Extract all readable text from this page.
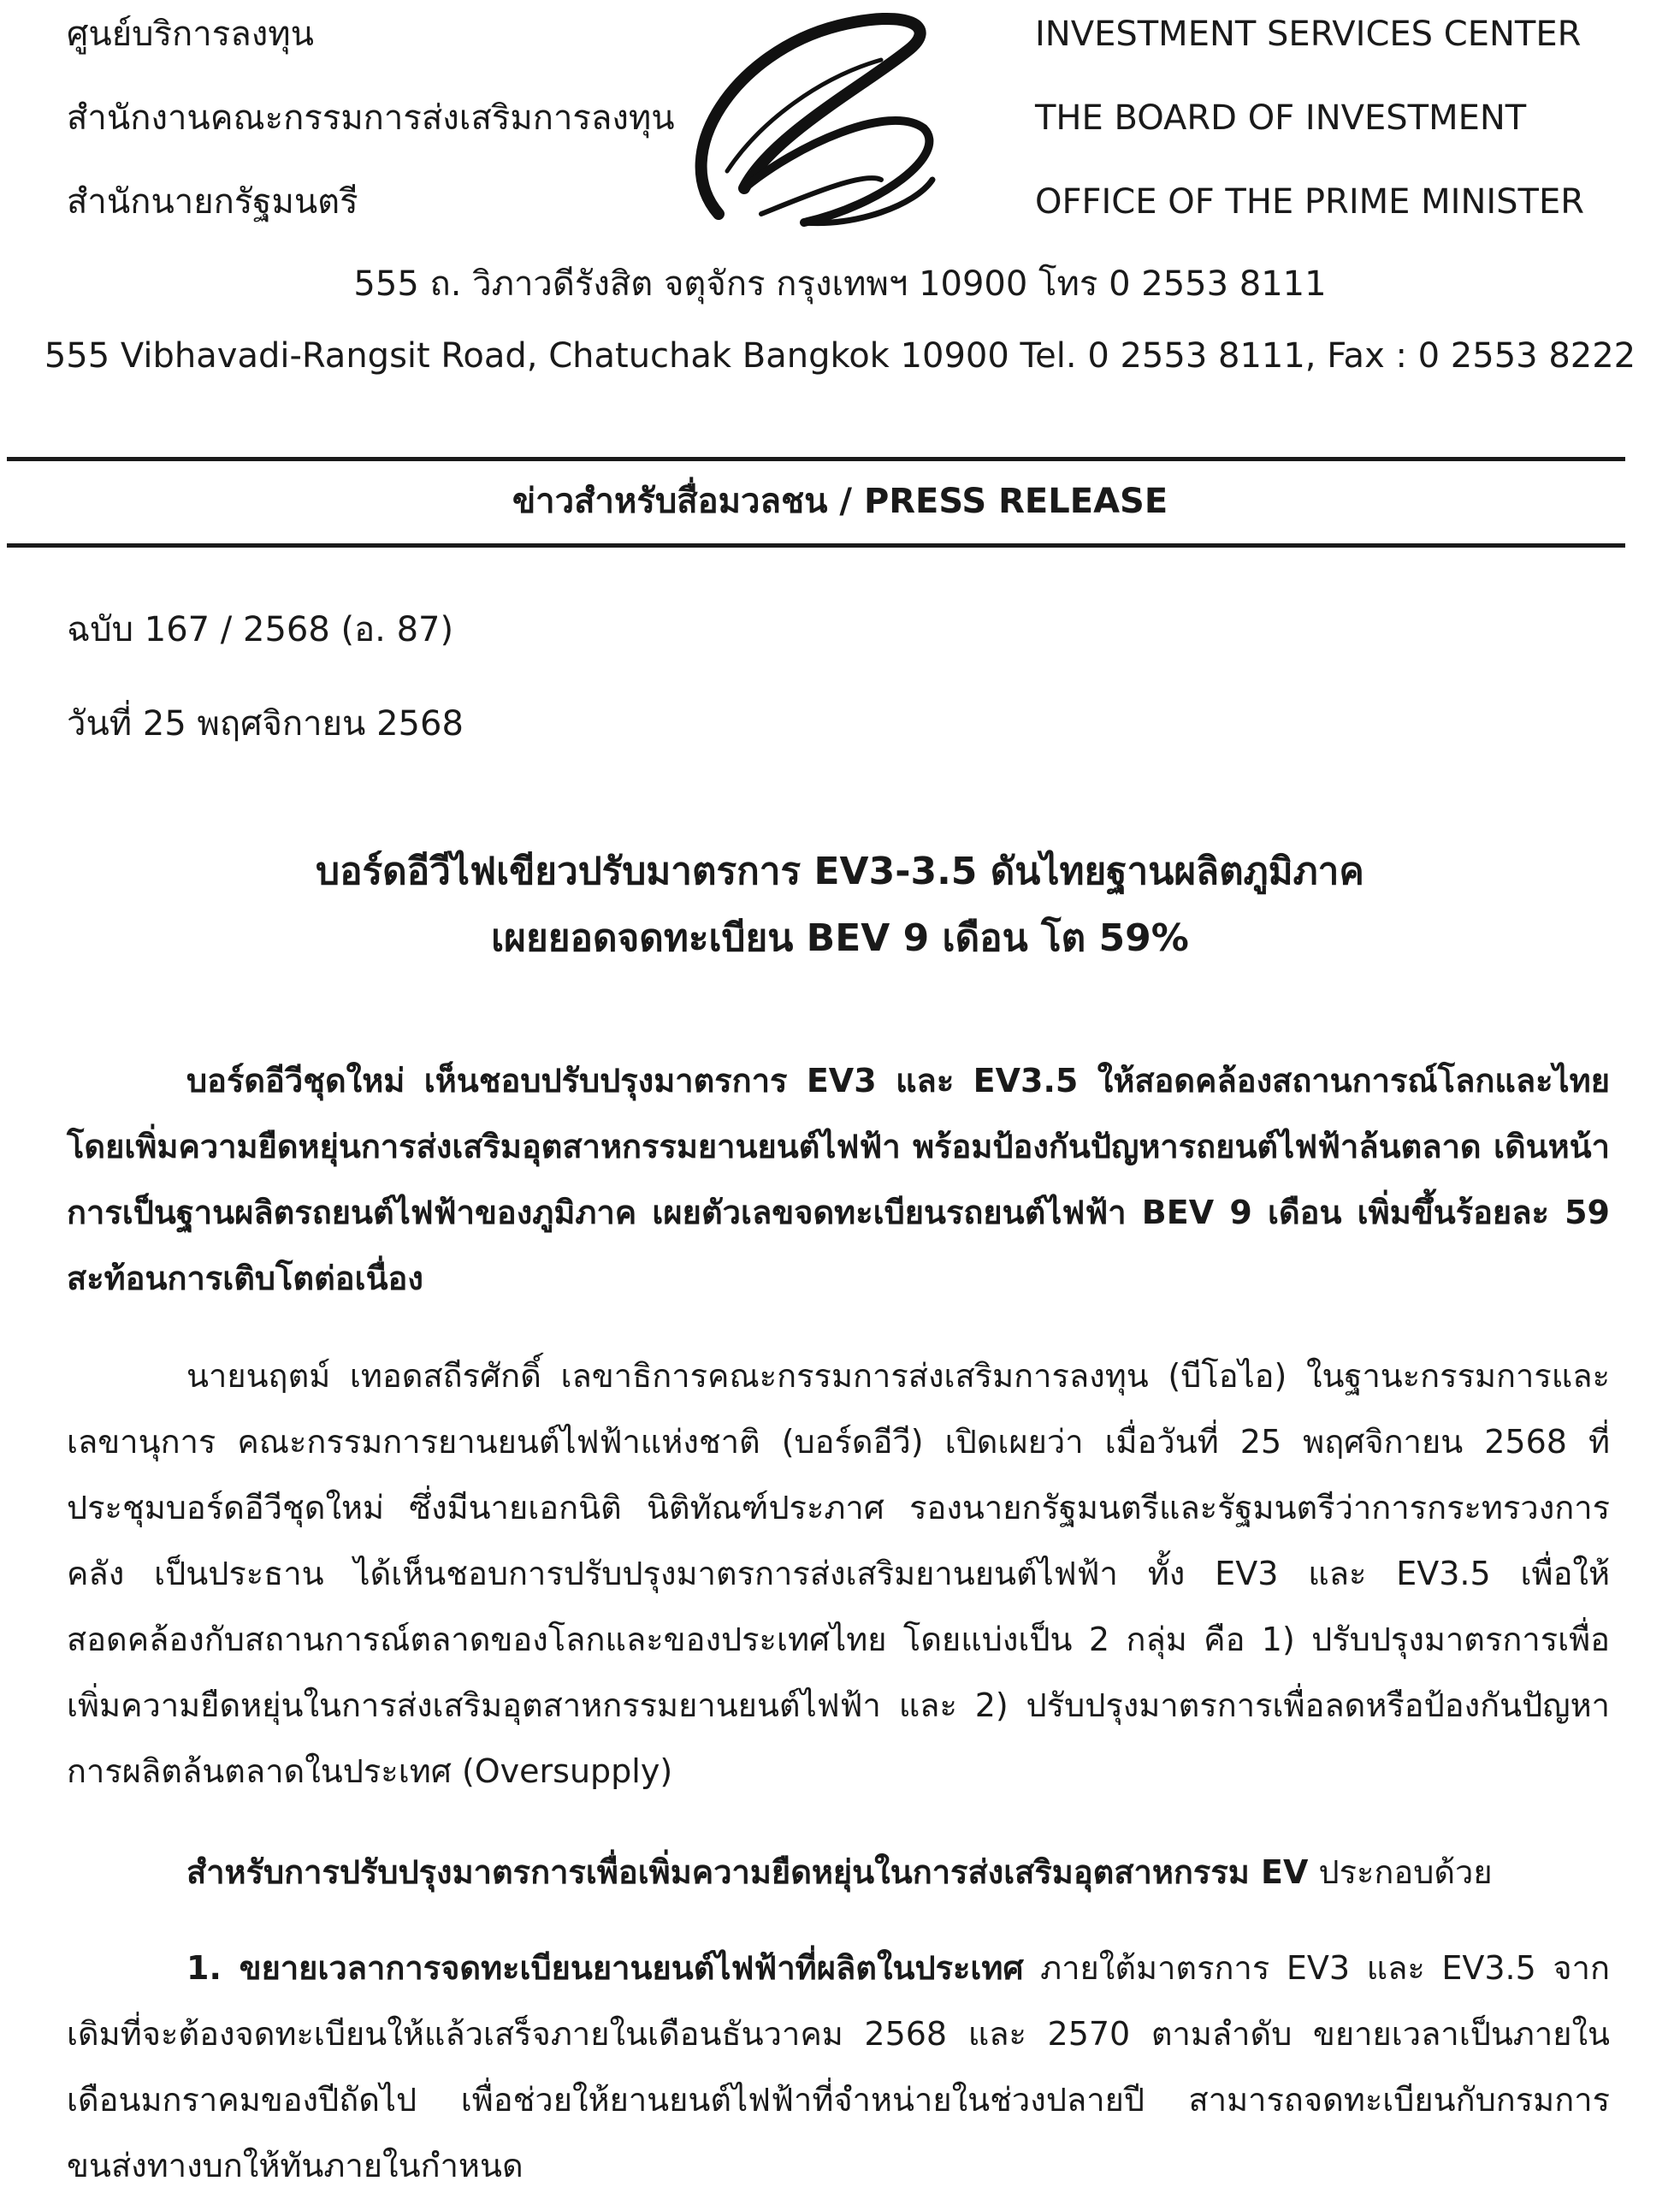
ศูนย์บริการลงทุน
สำนักงานคณะกรรมการส่งเสริมการลงทุน
สำนักนายกรัฐมนตรี
INVESTMENT SERVICES CENTER
THE BOARD OF INVESTMENT
OFFICE OF THE PRIME MINISTER
555 ถ. วิภาวดีรังสิต จตุจักร กรุงเทพฯ 10900 โทร 0 2553 8111
555 Vibhavadi-Rangsit Road, Chatuchak Bangkok 10900 Tel. 0 2553 8111, Fax : 0 2553 8222
ข่าวสำหรับสื่อมวลชน / PRESS RELEASE
ฉบับ 167 / 2568 (อ. 87)
วันที่ 25 พฤศจิกายน 2568
บอร์ดอีวีไฟเขียวปรับมาตรการ EV3-3.5 ดันไทยฐานผลิตภูมิภาค
เผยยอดจดทะเบียน BEV 9 เดือน โต 59%
บอร์ดอีวีชุดใหม่ เห็นชอบปรับปรุงมาตรการ EV3 และ EV3.5 ให้สอดคล้องสถานการณ์โลกและไทย โดยเพิ่มความยืดหยุ่นการส่งเสริมอุตสาหกรรมยานยนต์ไฟฟ้า พร้อมป้องกันปัญหารถยนต์ไฟฟ้าล้นตลาด เดินหน้าการเป็นฐานผลิตรถยนต์ไฟฟ้าของภูมิภาค เผยตัวเลขจดทะเบียนรถยนต์ไฟฟ้า BEV 9 เดือน เพิ่มขึ้นร้อยละ 59 สะท้อนการเติบโตต่อเนื่อง
นายนฤตม์ เทอดสถีรศักดิ์ เลขาธิการคณะกรรมการส่งเสริมการลงทุน (บีโอไอ) ในฐานะกรรมการและเลขานุการ คณะกรรมการยานยนต์ไฟฟ้าแห่งชาติ (บอร์ดอีวี) เปิดเผยว่า เมื่อวันที่ 25 พฤศจิกายน 2568 ที่ประชุมบอร์ดอีวีชุดใหม่ ซึ่งมีนายเอกนิติ นิติทัณฑ์ประภาศ รองนายกรัฐมนตรีและรัฐมนตรีว่าการกระทรวงการคลัง เป็นประธาน ได้เห็นชอบการปรับปรุงมาตรการส่งเสริมยานยนต์ไฟฟ้า ทั้ง EV3 และ EV3.5 เพื่อให้สอดคล้องกับสถานการณ์ตลาดของโลกและของประเทศไทย โดยแบ่งเป็น 2 กลุ่ม คือ 1) ปรับปรุงมาตรการเพื่อเพิ่มความยืดหยุ่นในการส่งเสริมอุตสาหกรรมยานยนต์ไฟฟ้า และ 2) ปรับปรุงมาตรการเพื่อลดหรือป้องกันปัญหาการผลิตล้นตลาดในประเทศ (Oversupply)
สำหรับการปรับปรุงมาตรการเพื่อเพิ่มความยืดหยุ่นในการส่งเสริมอุตสาหกรรม EV ประกอบด้วย
1. ขยายเวลาการจดทะเบียนยานยนต์ไฟฟ้าที่ผลิตในประเทศ ภายใต้มาตรการ EV3 และ EV3.5 จากเดิมที่จะต้องจดทะเบียนให้แล้วเสร็จภายในเดือนธันวาคม 2568 และ 2570 ตามลำดับ ขยายเวลาเป็นภายในเดือนมกราคมของปีถัดไป เพื่อช่วยให้ยานยนต์ไฟฟ้าที่จำหน่ายในช่วงปลายปี สามารถจดทะเบียนกับกรมการขนส่งทางบกให้ทันภายในกำหนด
